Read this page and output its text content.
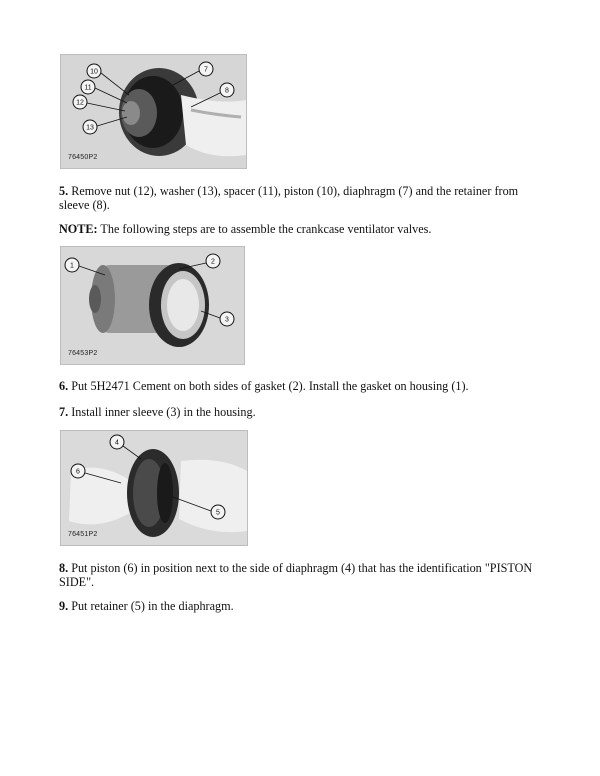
10
11
12
13
7
8
76450P2

5. Remove nut (12), washer (13), spacer (11), piston (10), diaphragm (7) and the retainer from sleeve (8).

NOTE: The following steps are to assemble the crankcase ventilator valves.

1
2
3
76453P2

6. Put 5H2471 Cement on both sides of gasket (2). Install the gasket on housing (1).

7. Install inner sleeve (3) in the housing.

4
6
5
76451P2

8. Put piston (6) in position next to the side of diaphragm (4) that has the identification "PISTON SIDE".

9. Put retainer (5) in the diaphragm.
